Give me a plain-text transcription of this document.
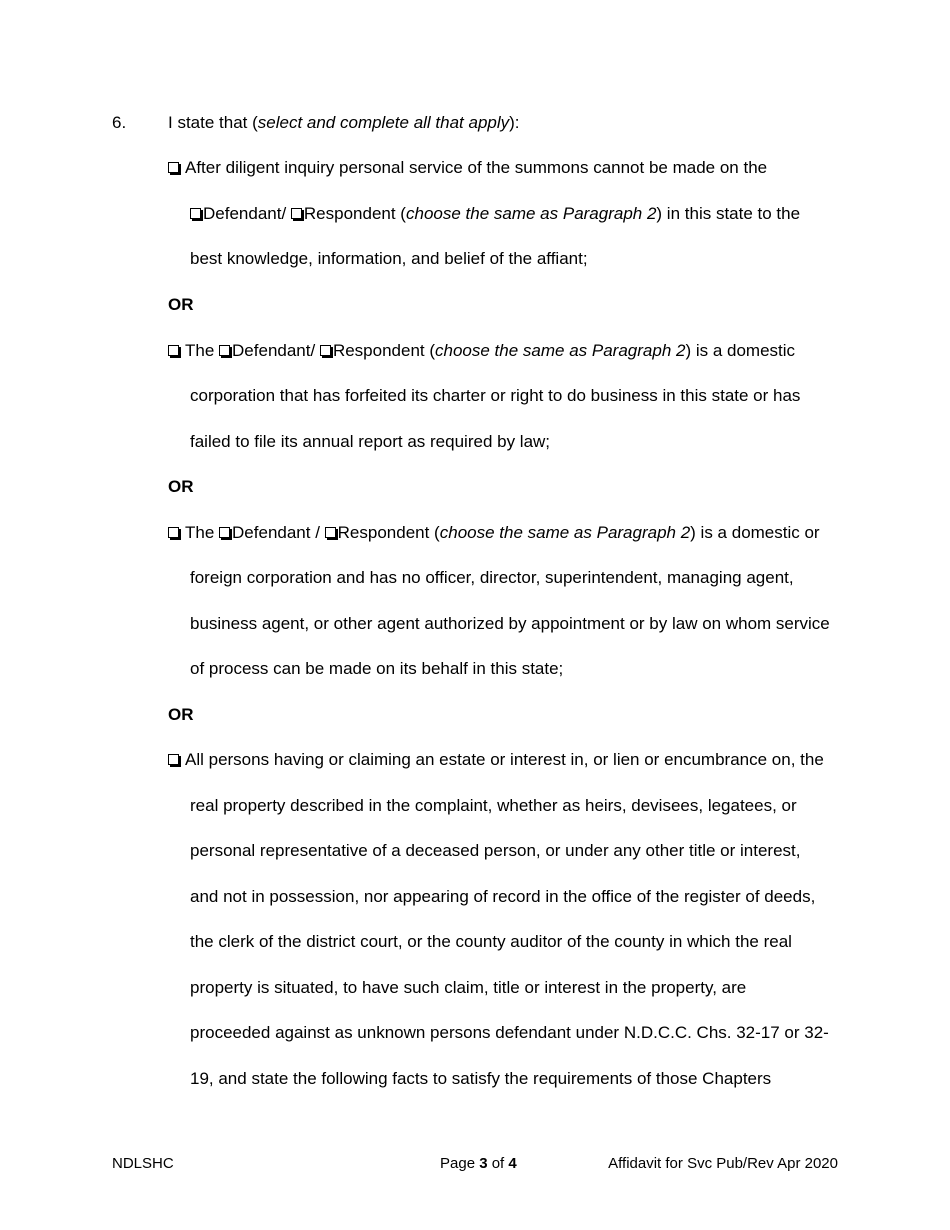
6. I state that (select and complete all that apply):
After diligent inquiry personal service of the summons cannot be made on the
Defendant/ Respondent (choose the same as Paragraph 2) in this state to the
best knowledge, information, and belief of the affiant;
OR
The Defendant/ Respondent (choose the same as Paragraph 2) is a domestic
corporation that has forfeited its charter or right to do business in this state or has
failed to file its annual report as required by law;
OR
The Defendant / Respondent (choose the same as Paragraph 2) is a domestic or
foreign corporation and has no officer, director, superintendent, managing agent,
business agent, or other agent authorized by appointment or by law on whom service
of process can be made on its behalf in this state;
OR
All persons having or claiming an estate or interest in, or lien or encumbrance on, the
real property described in the complaint, whether as heirs, devisees, legatees, or
personal representative of a deceased person, or under any other title or interest,
and not in possession, nor appearing of record in the office of the register of deeds,
the clerk of the district court, or the county auditor of the county in which the real
property is situated, to have such claim, title or interest in the property, are
proceeded against as unknown persons defendant under N.D.C.C. Chs. 32-17 or 32-
19, and state the following facts to satisfy the requirements of those Chapters
NDLSHC	Page 3 of 4	Affidavit for Svc Pub/Rev Apr 2020
